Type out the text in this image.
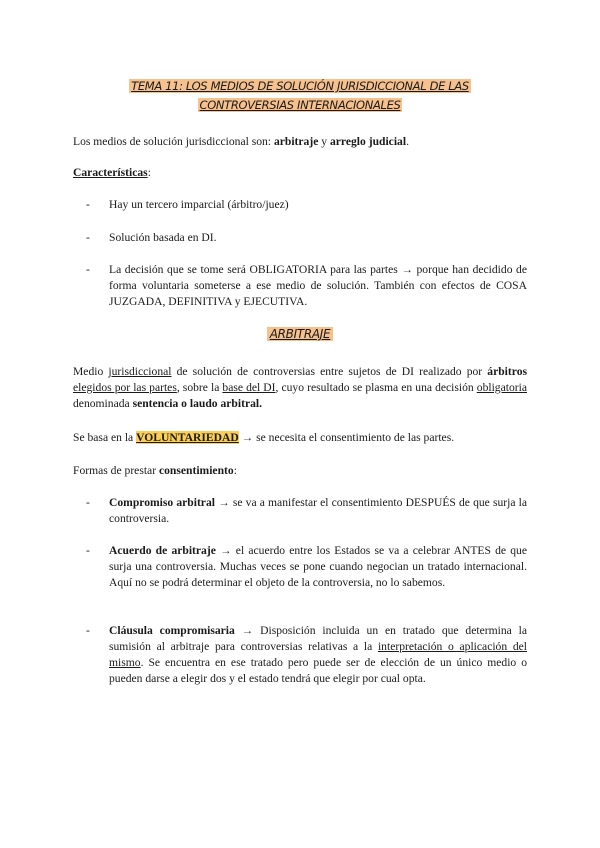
TEMA 11: LOS MEDIOS DE SOLUCIÓN JURISDICCIONAL DE LAS
CONTROVERSIAS INTERNACIONALES
Los medios de solución jurisdiccional son: arbitraje y arreglo judicial.
Características:
- Hay un tercero imparcial (árbitro/juez)
- Solución basada en DI.
- La decisión que se tome será OBLIGATORIA para las partes → porque han decidido de forma voluntaria someterse a ese medio de solución. También con efectos de COSA JUZGADA, DEFINITIVA y EJECUTIVA.
ARBITRAJE
Medio jurisdiccional de solución de controversias entre sujetos de DI realizado por árbitros elegidos por las partes, sobre la base del DI, cuyo resultado se plasma en una decisión obligatoria denominada sentencia o laudo arbitral.
Se basa en la VOLUNTARIEDAD → se necesita el consentimiento de las partes.
Formas de prestar consentimiento:
- Compromiso arbitral → se va a manifestar el consentimiento DESPUÉS de que surja la controversia.
- Acuerdo de arbitraje → el acuerdo entre los Estados se va a celebrar ANTES de que surja una controversia. Muchas veces se pone cuando negocian un tratado internacional. Aquí no se podrá determinar el objeto de la controversia, no lo sabemos.
- Cláusula compromisaria → Disposición incluida un en tratado que determina la sumisión al arbitraje para controversias relativas a la interpretación o aplicación del mismo. Se encuentra en ese tratado pero puede ser de elección de un único medio o pueden darse a elegir dos y el estado tendrá que elegir por cual opta.
